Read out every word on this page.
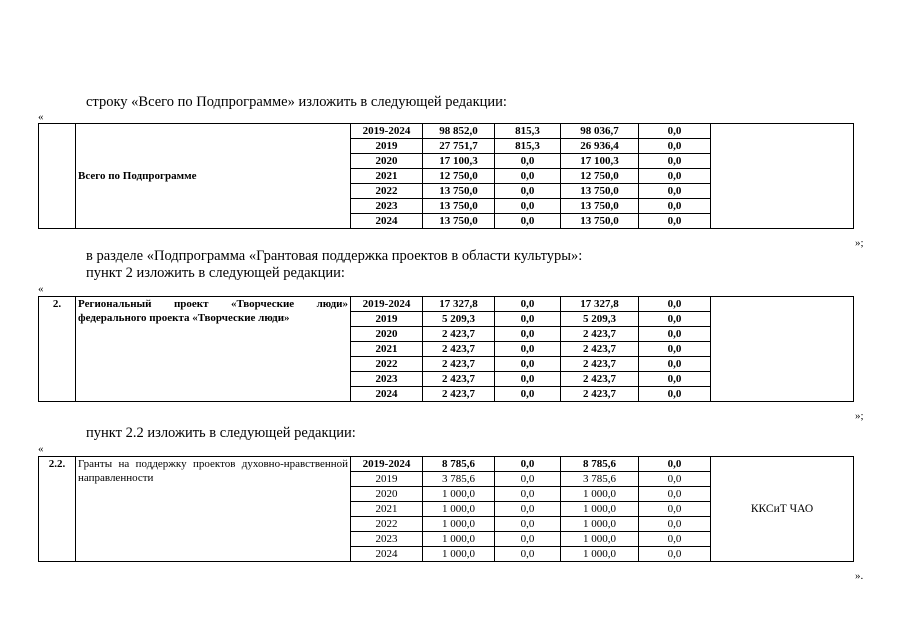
строку «Всего по Подпрограмме» изложить в следующей редакции:
«
	Всего по Подпрограмме	2019-2024	98 852,0	815,3	98 036,7	0,0	
		2019	27 751,7	815,3	26 936,4	0,0	
		2020	17 100,3	0,0	17 100,3	0,0	
		2021	12 750,0	0,0	12 750,0	0,0	
		2022	13 750,0	0,0	13 750,0	0,0	
		2023	13 750,0	0,0	13 750,0	0,0	
		2024	13 750,0	0,0	13 750,0	0,0	
»;
в разделе «Подпрограмма «Грантовая поддержка проектов в области культуры»:
пункт 2 изложить в следующей редакции:
«
2.	Региональный проект «Творческие люди» федерального проекта «Творческие люди»	2019-2024	17 327,8	0,0	17 327,8	0,0	
		2019	5 209,3	0,0	5 209,3	0,0	
		2020	2 423,7	0,0	2 423,7	0,0	
		2021	2 423,7	0,0	2 423,7	0,0	
		2022	2 423,7	0,0	2 423,7	0,0	
		2023	2 423,7	0,0	2 423,7	0,0	
		2024	2 423,7	0,0	2 423,7	0,0	
»;
пункт 2.2 изложить в следующей редакции:
«
2.2.	Гранты на поддержку проектов духовно-нравственной направленности	2019-2024	8 785,6	0,0	8 785,6	0,0	ККСиТ ЧАО
		2019	3 785,6	0,0	3 785,6	0,0	
		2020	1 000,0	0,0	1 000,0	0,0	
		2021	1 000,0	0,0	1 000,0	0,0	
		2022	1 000,0	0,0	1 000,0	0,0	
		2023	1 000,0	0,0	1 000,0	0,0	
		2024	1 000,0	0,0	1 000,0	0,0	
».
